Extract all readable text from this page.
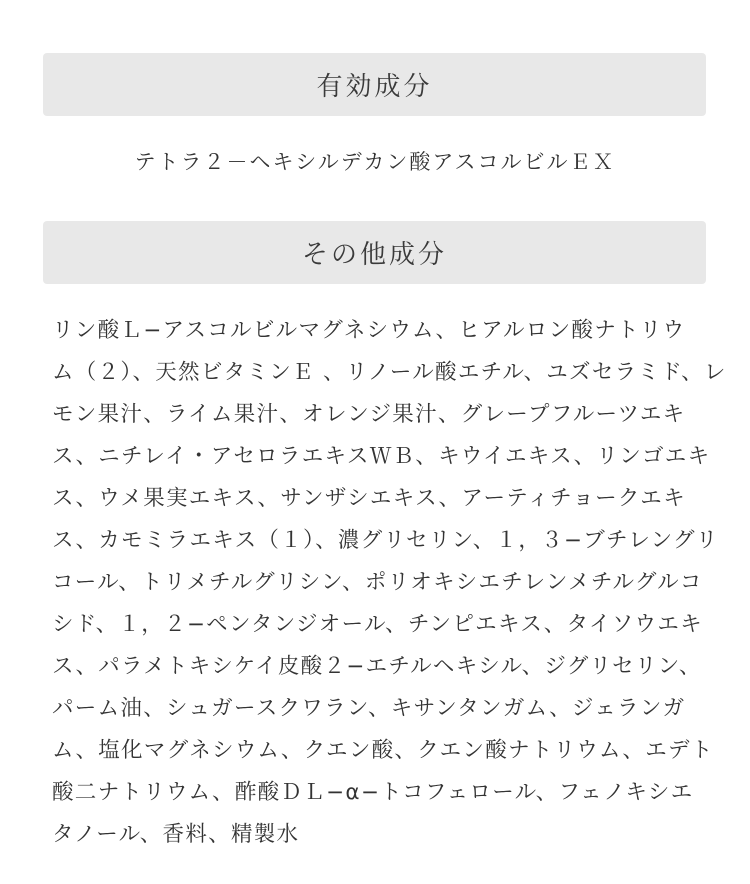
有効成分
テトラ２－ヘキシルデカン酸アスコルビルＥＸ
その他成分
リン酸Ｌ−アスコルビルマグネシウム、ヒアルロン酸ナトリウ
ム（２）、天然ビタミンＥ 、リノール酸エチル、ユズセラミド、レ
モン果汁、ライム果汁、オレンジ果汁、グレープフルーツエキ
ス、ニチレイ・アセロラエキスＷＢ、キウイエキス、リンゴエキ
ス、ウメ果実エキス、サンザシエキス、アーティチョークエキ
ス、カモミラエキス（１）、濃グリセリン、１，３−ブチレングリ
コール、トリメチルグリシン、ポリオキシエチレンメチルグルコ
シド、１，２−ペンタンジオール、チンピエキス、タイソウエキ
ス、パラメトキシケイ皮酸２−エチルヘキシル、ジグリセリン、
パーム油、シュガースクワラン、キサンタンガム、ジェランガ
ム、塩化マグネシウム、クエン酸、クエン酸ナトリウム、エデト
酸二ナトリウム、酢酸ＤＬ−α−トコフェロール、フェノキシエ
タノール、香料、精製水
